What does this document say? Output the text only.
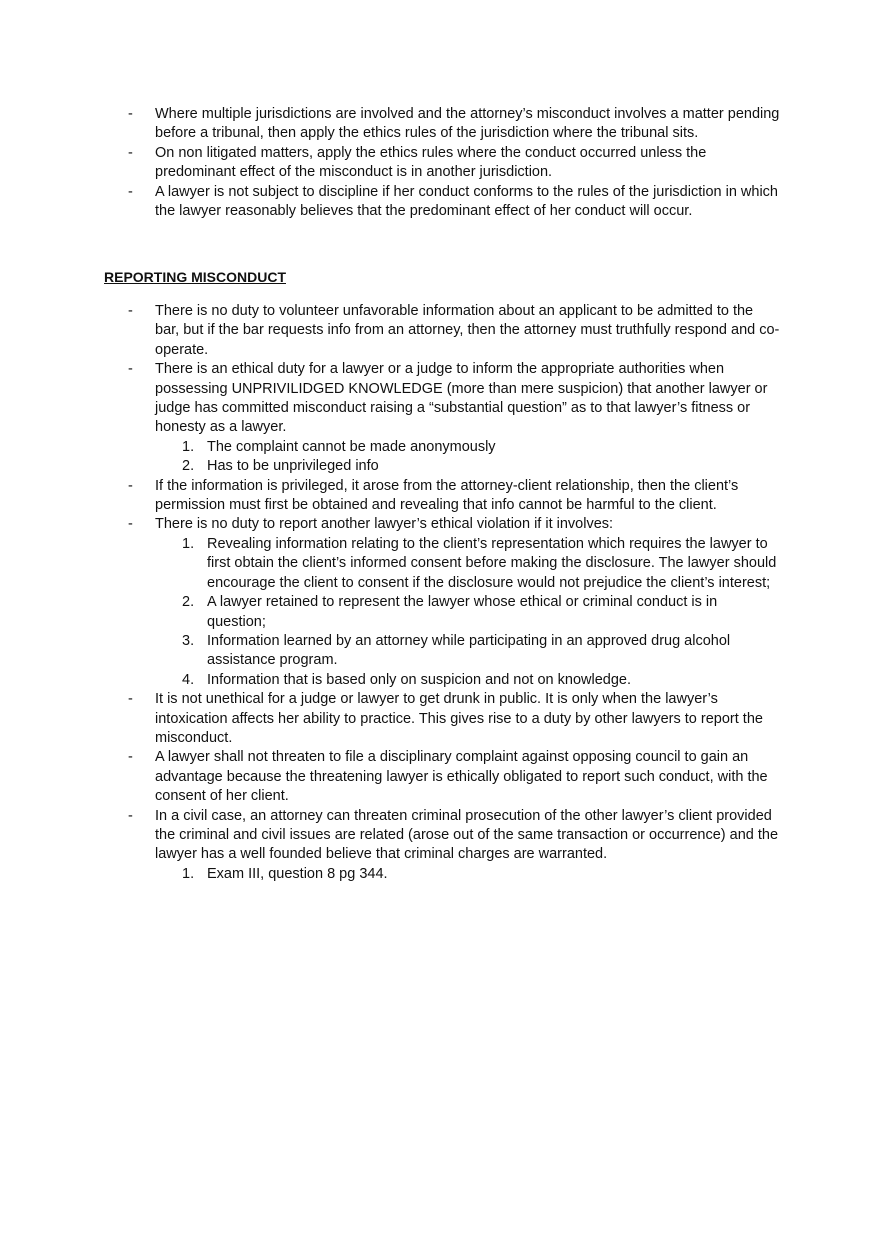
- Where multiple jurisdictions are involved and the attorney’s misconduct involves a matter pending before a tribunal, then apply the ethics rules of the jurisdiction where the tribunal sits.
- On non litigated matters, apply the ethics rules where the conduct occurred unless the predominant effect of the misconduct is in another jurisdiction.
- A lawyer is not subject to discipline if her conduct conforms to the rules of the jurisdiction in which the lawyer reasonably believes that the predominant effect of her conduct will occur.
REPORTING MISCONDUCT
- There is no duty to volunteer unfavorable information about an applicant to be admitted to the bar, but if the bar requests info from an attorney, then the attorney must truthfully respond and co-operate.
- There is an ethical duty for a lawyer or a judge to inform the appropriate authorities when possessing UNPRIVILIDGED KNOWLEDGE (more than mere suspicion) that another lawyer or judge has committed misconduct raising a “substantial question” as to that lawyer’s fitness or honesty as a lawyer.
1. The complaint cannot be made anonymously
2. Has to be unprivileged info
- If the information is privileged, it arose from the attorney-client relationship, then the client’s permission must first be obtained and revealing that info cannot be harmful to the client.
- There is no duty to report another lawyer’s ethical violation if it involves:
1. Revealing information relating to the client’s representation which requires the lawyer to first obtain the client’s informed consent before making the disclosure. The lawyer should encourage the client to consent if the disclosure would not prejudice the client’s interest;
2. A lawyer retained to represent the lawyer whose ethical or criminal conduct is in question;
3. Information learned by an attorney while participating in an approved drug alcohol assistance program.
4. Information that is based only on suspicion and not on knowledge.
- It is not unethical for a judge or lawyer to get drunk in public. It is only when the lawyer’s intoxication affects her ability to practice. This gives rise to a duty by other lawyers to report the misconduct.
- A lawyer shall not threaten to file a disciplinary complaint against opposing council to gain an advantage because the threatening lawyer is ethically obligated to report such conduct, with the consent of her client.
- In a civil case, an attorney can threaten criminal prosecution of the other lawyer’s client provided the criminal and civil issues are related (arose out of the same transaction or occurrence) and the lawyer has a well founded believe that criminal charges are warranted.
1. Exam III, question 8 pg 344.
